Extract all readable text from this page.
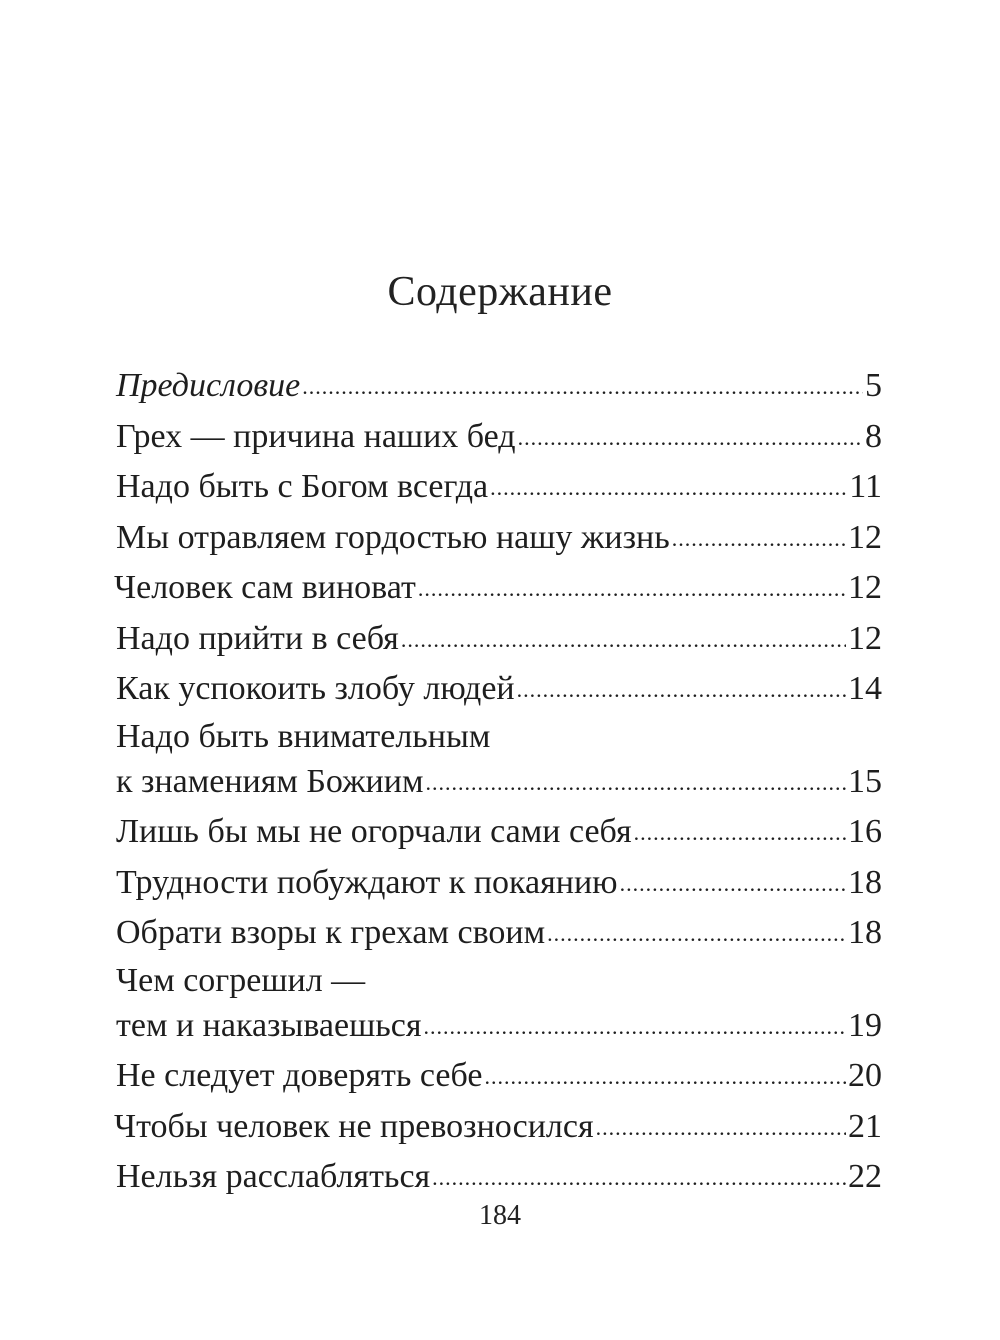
Содержание
Предисловие .....	5
Грех — причина наших бед .....	8
Надо быть с Богом всегда .....	11
Мы отравляем гордостью нашу жизнь .....	12
Человек сам виноват .....	12
Надо прийти в себя .....	12
Как успокоить злобу людей .....	14
Надо быть внимательным
к знамениям Божиим .....	15
Лишь бы мы не огорчали сами себя .....	16
Трудности побуждают к покаянию .....	18
Обрати взоры к грехам своим .....	18
Чем согрешил —
тем и наказываешься .....	19
Не следует доверять себе .....	20
Чтобы человек не превозносился .....	21
Нельзя расслабляться .....	22
184
